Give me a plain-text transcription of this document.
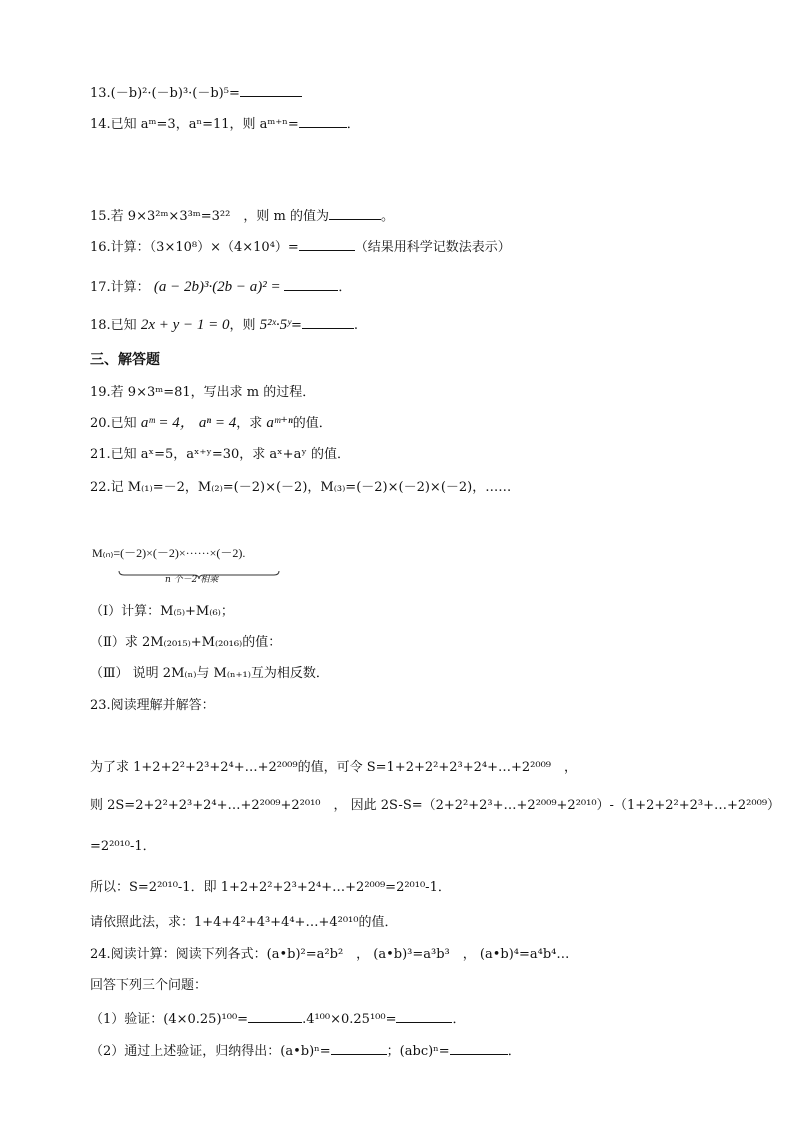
13.(－b)²·(－b)³·(－b)⁵=
14.已知 aᵐ=3，aⁿ=11，则 aᵐ⁺ⁿ=	．
15.若 9×3²ᵐ×3³ᵐ=3²²　，则 m 的值为	。
16.计算：（3×10⁸）×（4×10⁴）=	（结果用科学记数法表示）
17.计算： (a − 2b)³·(2b − a)² =	．
18.已知 2x + y − 1 = 0，则 5²ˣ·5ʸ=	.
三、解答题
19.若 9×3ᵐ=81，写出求 m 的过程．
20.已知 aᵐ = 4， aⁿ = 4，求 aᵐ⁺ⁿ的值．
21.已知 aˣ=5，aˣ⁺ʸ=30，求 aˣ+aʸ 的值．
22.记 M₍₁₎=－2，M₍₂₎=(－2)×(－2)，M₍₃₎=(－2)×(－2)×(－2)，……
M₍ₙ₎=(－2)×(－2)×······×(－2).
n 个－2 相乘
（Ⅰ）计算：M₍₅₎+M₍₆₎；
（Ⅱ）求 2M₍₂₀₁₅₎+M₍₂₀₁₆₎的值：
（Ⅲ） 说明 2M₍ₙ₎与 M₍ₙ₊₁₎互为相反数．
23.阅读理解并解答：
为了求 1+2+2²+2³+2⁴+…+2²⁰⁰⁹的值，可令 S=1+2+2²+2³+2⁴+…+2²⁰⁰⁹　，
则 2S=2+2²+2³+2⁴+…+2²⁰⁰⁹+2²⁰¹⁰　， 因此 2S-S=（2+2²+2³+…+2²⁰⁰⁹+2²⁰¹⁰）-（1+2+2²+2³+…+2²⁰⁰⁹）
=2²⁰¹⁰-1．
所以：S=2²⁰¹⁰-1．即 1+2+2²+2³+2⁴+…+2²⁰⁰⁹=2²⁰¹⁰-1．
请依照此法，求：1+4+4²+4³+4⁴+…+4²⁰¹⁰的值．
24.阅读计算：阅读下列各式：(a•b)²=a²b²　， (a•b)³=a³b³　， (a•b)⁴=a⁴b⁴…
回答下列三个问题：
（1）验证：(4×0.25)¹⁰⁰=	.4¹⁰⁰×0.25¹⁰⁰=	．
（2）通过上述验证，归纳得出：(a•b)ⁿ=	；(abc)ⁿ=	．
